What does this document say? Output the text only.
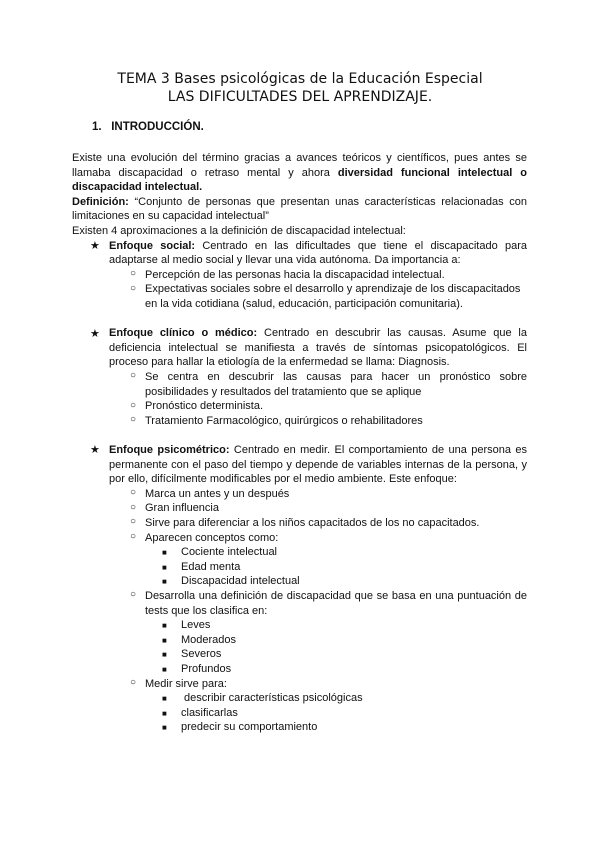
TEMA 3 Bases psicológicas de la Educación Especial
LAS DIFICULTADES DEL APRENDIZAJE.
1. INTRODUCCIÓN.
Existe una evolución del término gracias a avances teóricos y científicos, pues antes se
llamaba discapacidad o retraso mental y ahora diversidad funcional intelectual o
discapacidad intelectual.
Definición: “Conjunto de personas que presentan unas características relacionadas con
limitaciones en su capacidad intelectual”
Existen 4 aproximaciones a la definición de discapacidad intelectual:
★ Enfoque social: Centrado en las dificultades que tiene el discapacitado para
adaptarse al medio social y llevar una vida autónoma. Da importancia a:
○ Percepción de las personas hacia la discapacidad intelectual.
○ Expectativas sociales sobre el desarrollo y aprendizaje de los discapacitados
en la vida cotidiana (salud, educación, participación comunitaria).
★ Enfoque clínico o médico: Centrado en descubrir las causas. Asume que la
deficiencia intelectual se manifiesta a través de síntomas psicopatológicos. El
proceso para hallar la etiología de la enfermedad se llama: Diagnosis.
○ Se centra en descubrir las causas para hacer un pronóstico sobre
posibilidades y resultados del tratamiento que se aplique
○ Pronóstico determinista.
○ Tratamiento Farmacológico, quirúrgicos o rehabilitadores
★ Enfoque psicométrico: Centrado en medir. El comportamiento de una persona es
permanente con el paso del tiempo y depende de variables internas de la persona, y
por ello, difícilmente modificables por el medio ambiente. Este enfoque:
○ Marca un antes y un después
○ Gran influencia
○ Sirve para diferenciar a los niños capacitados de los no capacitados.
○ Aparecen conceptos como:
■ Cociente intelectual
■ Edad menta
■ Discapacidad intelectual
○ Desarrolla una definición de discapacidad que se basa en una puntuación de
tests que los clasifica en:
■ Leves
■ Moderados
■ Severos
■ Profundos
○ Medir sirve para:
■ describir características psicológicas
■ clasificarlas
■ predecir su comportamiento
